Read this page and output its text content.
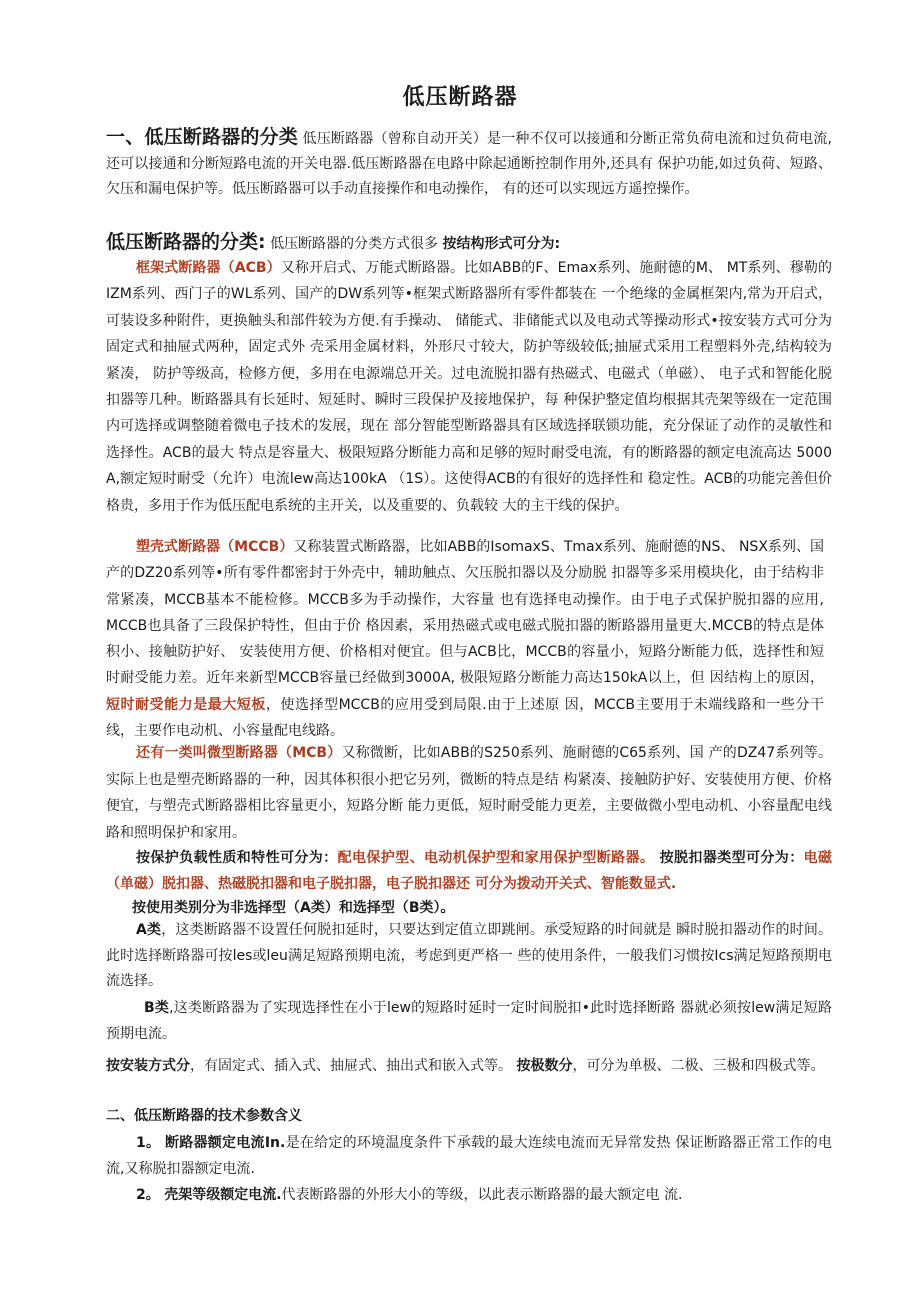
低压断路器

一、低压断路器的分类 低压断路器（曾称自动开关）是一种不仅可以接通和分断正常负荷电流和过负荷电流, 还可以接通和分断短路电流的开关电器.低压断路器在电路中除起通断控制作用外,还具有 保护功能,如过负荷、短路、欠压和漏电保护等。低压断路器可以手动直接操作和电动操作， 有的还可以实现远方遥控操作。

低压断路器的分类: 低压断路器的分类方式很多 按结构形式可分为:

框架式断路器（ACB）又称开启式、万能式断路器。比如ABB的F、Emax系列、施耐德的M、 MT系列、穆勒的IZM系列、西门子的WL系列、国产的DW系列等•框架式断路器所有零件都装在 一个绝缘的金属框架内,常为开启式，可装设多种附件，更换触头和部件较为方便.有手操动、 储能式、非储能式以及电动式等操动形式•按安装方式可分为固定式和抽屉式两种，固定式外 壳采用金属材料，外形尺寸较大，防护等级较低;抽屉式采用工程塑料外壳,结构较为紧凑， 防护等级高，检修方便，多用在电源端总开关。过电流脱扣器有热磁式、电磁式（单磁）、 电子式和智能化脱扣器等几种。断路器具有长延时、短延时、瞬时三段保护及接地保护，每 种保护整定值均根据其壳架等级在一定范围内可选择或调整随着微电子技术的发展，现在 部分智能型断路器具有区域选择联锁功能，充分保证了动作的灵敏性和选择性。ACB的最大 特点是容量大、极限短路分断能力高和足够的短时耐受电流，有的断路器的额定电流高达 5000 A,额定短时耐受（允许）电流lew高达100kA （1S）。这使得ACB的有很好的选择性和 稳定性。ACB的功能完善但价格贵，多用于作为低压配电系统的主开关，以及重要的、负载较 大的主干线的保护。

塑壳式断路器（MCCB）又称装置式断路器，比如ABB的IsomaxS、Tmax系列、施耐德的NS、 NSX系列、国产的DZ20系列等•所有零件都密封于外壳中，辅助触点、欠压脱扣器以及分励脱 扣器等多采用模块化，由于结构非常紧凑，MCCB基本不能检修。MCCB多为手动操作，大容量 也有选择电动操作。由于电子式保护脱扣器的应用, MCCB也具备了三段保护特性，但由于价 格因素，采用热磁式或电磁式脱扣器的断路器用量更大.MCCB的特点是体积小、接触防护好、 安装使用方便、价格相对便宜。但与ACB比，MCCB的容量小，短路分断能力低，选择性和短 时耐受能力差。近年来新型MCCB容量已经做到3000A, 极限短路分断能力高达150kA以上，但 因结构上的原因，短时耐受能力是最大短板，使选择型MCCB的应用受到局限.由于上述原 因，MCCB主要用于未端线路和一些分干线，主要作电动机、小容量配电线路。

还有一类叫微型断路器（MCB）又称微断，比如ABB的S250系列、施耐德的C65系列、国 产的DZ47系列等。实际上也是塑壳断路器的一种，因其体积很小把它另列，微断的特点是结 构紧凑、接触防护好、安装使用方便、价格便宜，与塑壳式断路器相比容量更小，短路分断 能力更低，短时耐受能力更差，主要做微小型电动机、小容量配电线路和照明保护和家用。

按保护负载性质和特性可分为：配电保护型、电动机保护型和家用保护型断路器。 按脱扣器类型可分为：电磁（单磁）脱扣器、热磁脱扣器和电子脱扣器，电子脱扣器还 可分为拨动开关式、智能数显式.

按使用类别分为非选择型（A类）和选择型（B类）。

A类，这类断路器不设置任何脱扣延时，只要达到定值立即跳闸。承受短路的时间就是 瞬时脱扣器动作的时间。此时选择断路器可按les或leu满足短路预期电流，考虑到更严格一 些的使用条件，一般我们习惯按Ics满足短路预期电流选择。

B类,这类断路器为了实现选择性在小于lew的短路时延时一定时间脱扣•此时选择断路 器就必须按lew满足短路预期电流。

按安装方式分，有固定式、插入式、抽屉式、抽出式和嵌入式等。 按极数分，可分为单极、二极、三极和四极式等。

二、低压断路器的技术参数含义

1。 断路器额定电流In.是在给定的环境温度条件下承载的最大连续电流而无异常发热 保证断路器正常工作的电流,又称脱扣器额定电流.

2。 壳架等级额定电流.代表断路器的外形大小的等级，以此表示断路器的最大额定电 流.
